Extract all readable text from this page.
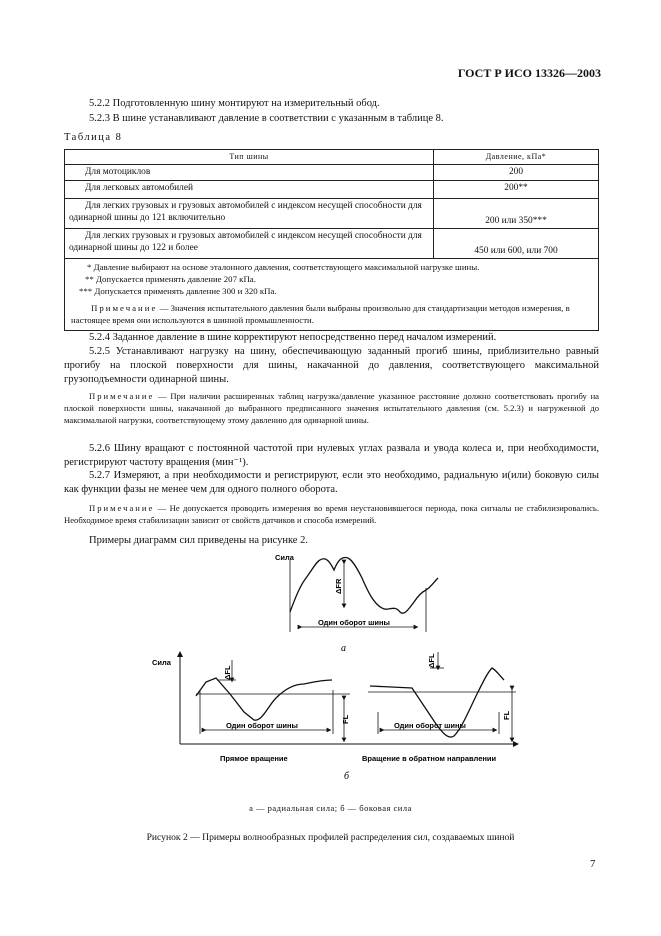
ГОСТ Р ИСО 13326—2003
5.2.2 Подготовленную шину монтируют на измерительный обод.
5.2.3 В шине устанавливают давление в соответствии с указанным в таблице 8.
Таблица 8
Тип шины	Давление, кПа*
Для мотоциклов	200
Для легковых автомобилей	200**
Для легких грузовых и грузовых автомобилей с индексом несущей способности для одинарной шины до 121 включительно	200 или 350***
Для легких грузовых и грузовых автомобилей с индексом несущей способности для одинарной шины до 122 и более	450 или 600, или 700

* Давление выбирают на основе эталонного давления, соответствующего максимальной нагрузке шины.
** Допускается применять давление 207 кПа.
*** Допускается применять давление 300 и 320 кПа.
Примечание — Значения испытательного давления были выбраны произвольно для стандартизации методов измерения, в настоящее время они используются в шинной промышленности.	
5.2.4 Заданное давление в шине корректируют непосредственно перед началом измерений.
5.2.5 Устанавливают нагрузку на шину, обеспечивающую заданный прогиб шины, приблизительно равный прогибу на плоской поверхности для шины, накачанной до давления, соответствующего максимальной грузоподъемности одинарной шины.
Примечание — При наличии расширенных таблиц нагрузка/давление указанное расстояние должно соответствовать прогибу на плоской поверхности шины, накачанной до выбранного предписанного значения испытательного давления (см. 5.2.3) и нагруженной до максимальной нагрузки, соответствующему этому давлению для одинарной шины.
5.2.6 Шину вращают с постоянной частотой при нулевых углах развала и увода колеса и, при необходимости, регистрируют частоту вращения (мин⁻¹).
5.2.7 Измеряют, а при необходимости и регистрируют, если это необходимо, радиальную и(или) боковую силы как функции фазы не менее чем для одного полного оборота.
Примечание — Не допускается проводить измерения во время неустановившегося периода, пока сигналы не стабилизировались. Необходимое время стабилизации зависит от свойств датчиков и способа измерений.
Примеры диаграмм сил приведены на рисунке 2.
Сила
Один оборот шины
ΔFR
а
Сила
ΔFL
Один оборот шины
FL
Прямое вращение
ΔFL
Один оборот шины
FL
Вращение в обратном направлении
б
а — радиальная сила; б — боковая сила
Рисунок 2 — Примеры волнообразных профилей распределения сил, создаваемых шиной
7
